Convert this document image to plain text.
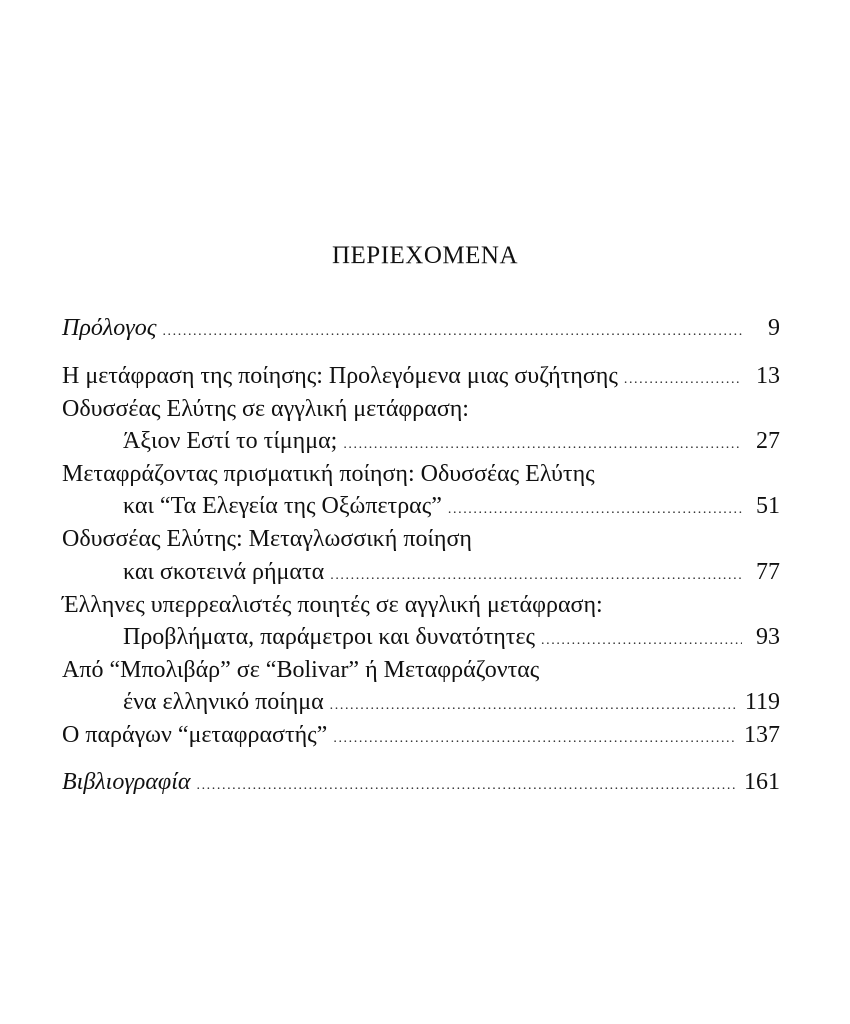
ΠΕΡΙΕΧΟΜΕΝΑ
Πρόλογος .....	9
Η μετάφραση της ποίησης: Προλεγόμενα μιας συζήτησης .....	13
Οδυσσέας Ελύτης σε αγγλική μετάφραση:
Άξιον Εστί το τίμημα; .....	27
Μεταφράζοντας πρισματική ποίηση: Οδυσσέας Ελύτης
και “Τα Ελεγεία της Οξώπετρας” .....	51
Οδυσσέας Ελύτης: Μεταγλωσσική ποίηση
και σκοτεινά ρήματα .....	77
Έλληνες υπερρεαλιστές ποιητές σε αγγλική μετάφραση:
Προβλήματα, παράμετροι και δυνατότητες .....	93
Από “Μπολιβάρ” σε “Bolivar” ή Μεταφράζοντας
ένα ελληνικό ποίημα .....	119
Ο παράγων “μεταφραστής” .....	137
Βιβλιογραφία .....	161
